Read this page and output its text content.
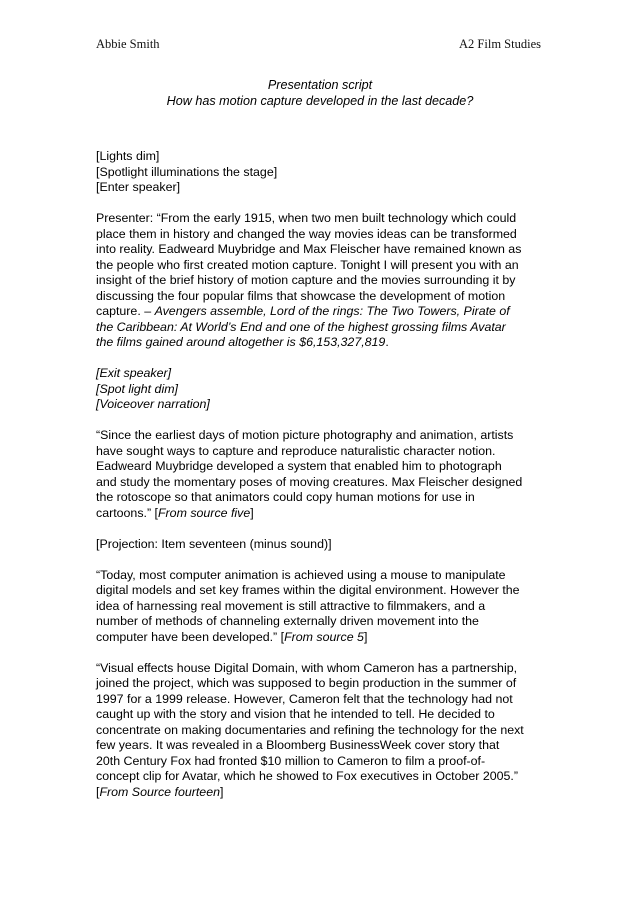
Abbie Smith	A2 Film Studies
Presentation script
How has motion capture developed in the last decade?

[Lights dim]
[Spotlight illuminations the stage]
[Enter speaker]

Presenter: “From the early 1915, when two men built technology which could
place them in history and changed the way movies ideas can be transformed
into reality. Eadweard Muybridge and Max Fleischer have remained known as
the people who first created motion capture. Tonight I will present you with an
insight of the brief history of motion capture and the movies surrounding it by
discussing the four popular films that showcase the development of motion
capture. – Avengers assemble, Lord of the rings: The Two Towers, Pirate of
the Caribbean: At World’s End and one of the highest grossing films Avatar
the films gained around altogether is $6,153,327,819.

[Exit speaker]
[Spot light dim]
[Voiceover narration]

“Since the earliest days of motion picture photography and animation, artists
have sought ways to capture and reproduce naturalistic character notion.
Eadweard Muybridge developed a system that enabled him to photograph
and study the momentary poses of moving creatures. Max Fleischer designed
the rotoscope so that animators could copy human motions for use in
cartoons.” [From source five]

[Projection: Item seventeen (minus sound)]

“Today, most computer animation is achieved using a mouse to manipulate
digital models and set key frames within the digital environment. However the
idea of harnessing real movement is still attractive to filmmakers, and a
number of methods of channeling externally driven movement into the
computer have been developed.” [From source 5]

“Visual effects house Digital Domain, with whom Cameron has a partnership,
joined the project, which was supposed to begin production in the summer of
1997 for a 1999 release. However, Cameron felt that the technology had not
caught up with the story and vision that he intended to tell. He decided to
concentrate on making documentaries and refining the technology for the next
few years. It was revealed in a Bloomberg BusinessWeek cover story that
20th Century Fox had fronted $10 million to Cameron to film a proof-of-
concept clip for Avatar, which he showed to Fox executives in October 2005.”
[From Source fourteen]
